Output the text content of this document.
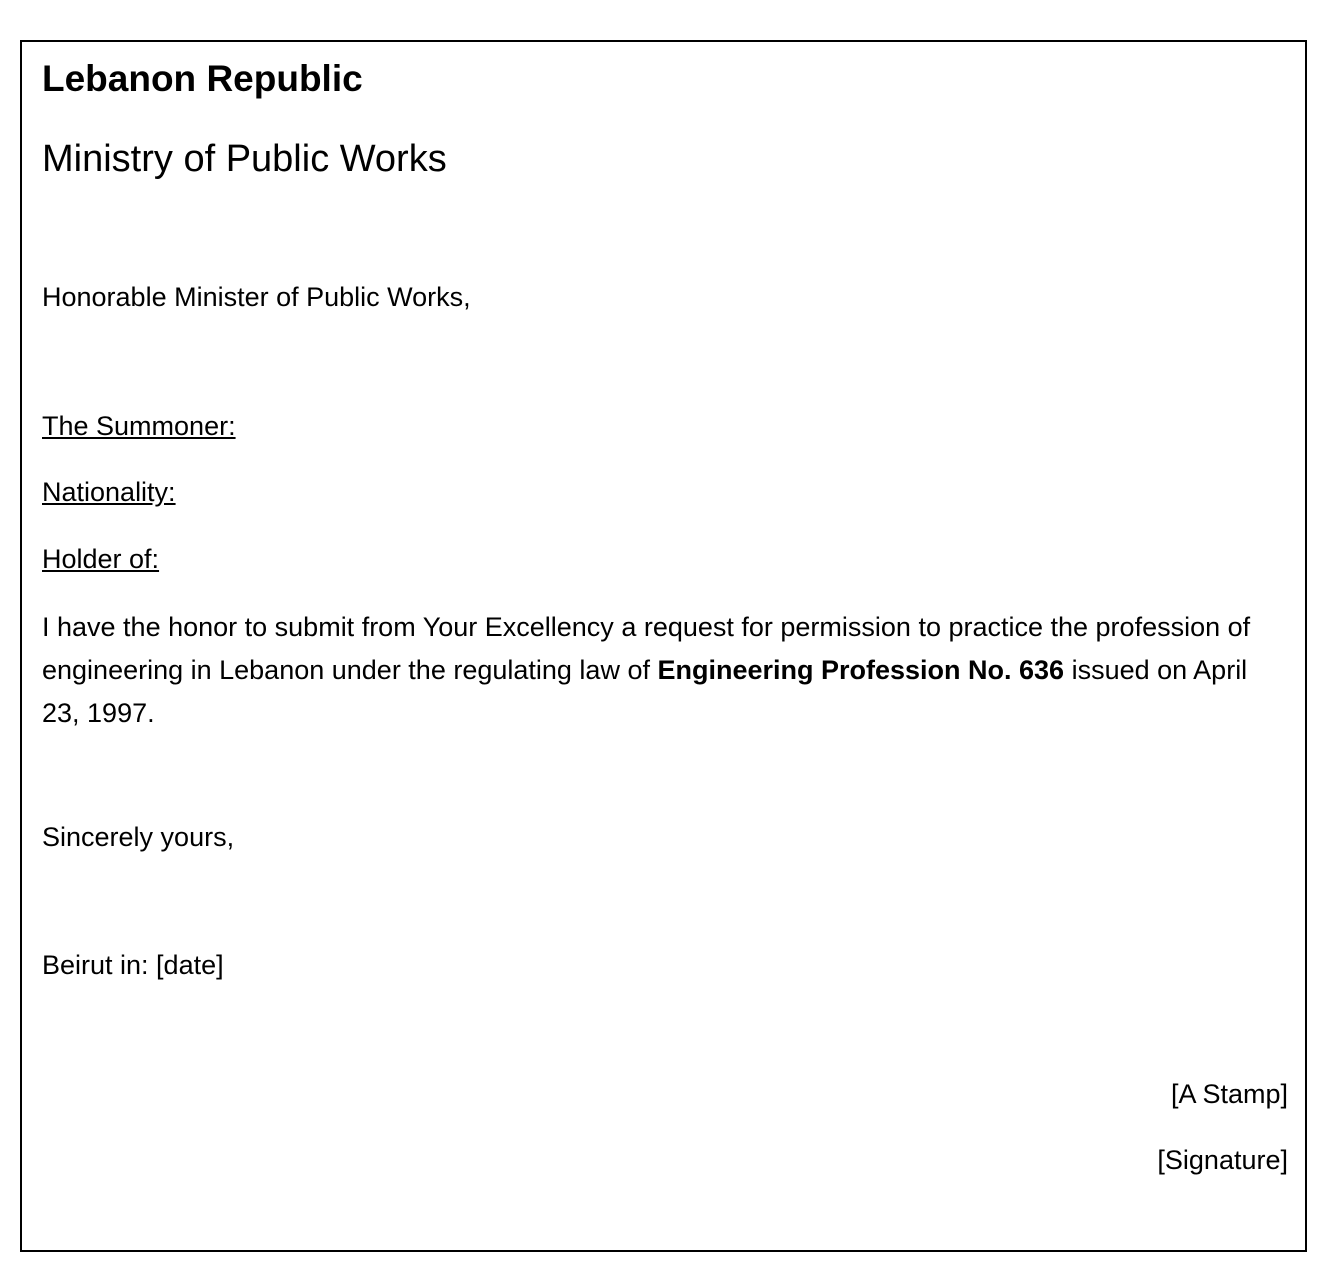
Lebanon Republic
Ministry of Public Works
Honorable Minister of Public Works,
The Summoner:
Nationality:
Holder of:
I have the honor to submit from Your Excellency a request for permission to practice the profession of engineering in Lebanon under the regulating law of Engineering Profession No. 636 issued on April 23, 1997.
Sincerely yours,
Beirut in: [date]
[A Stamp]
[Signature]
